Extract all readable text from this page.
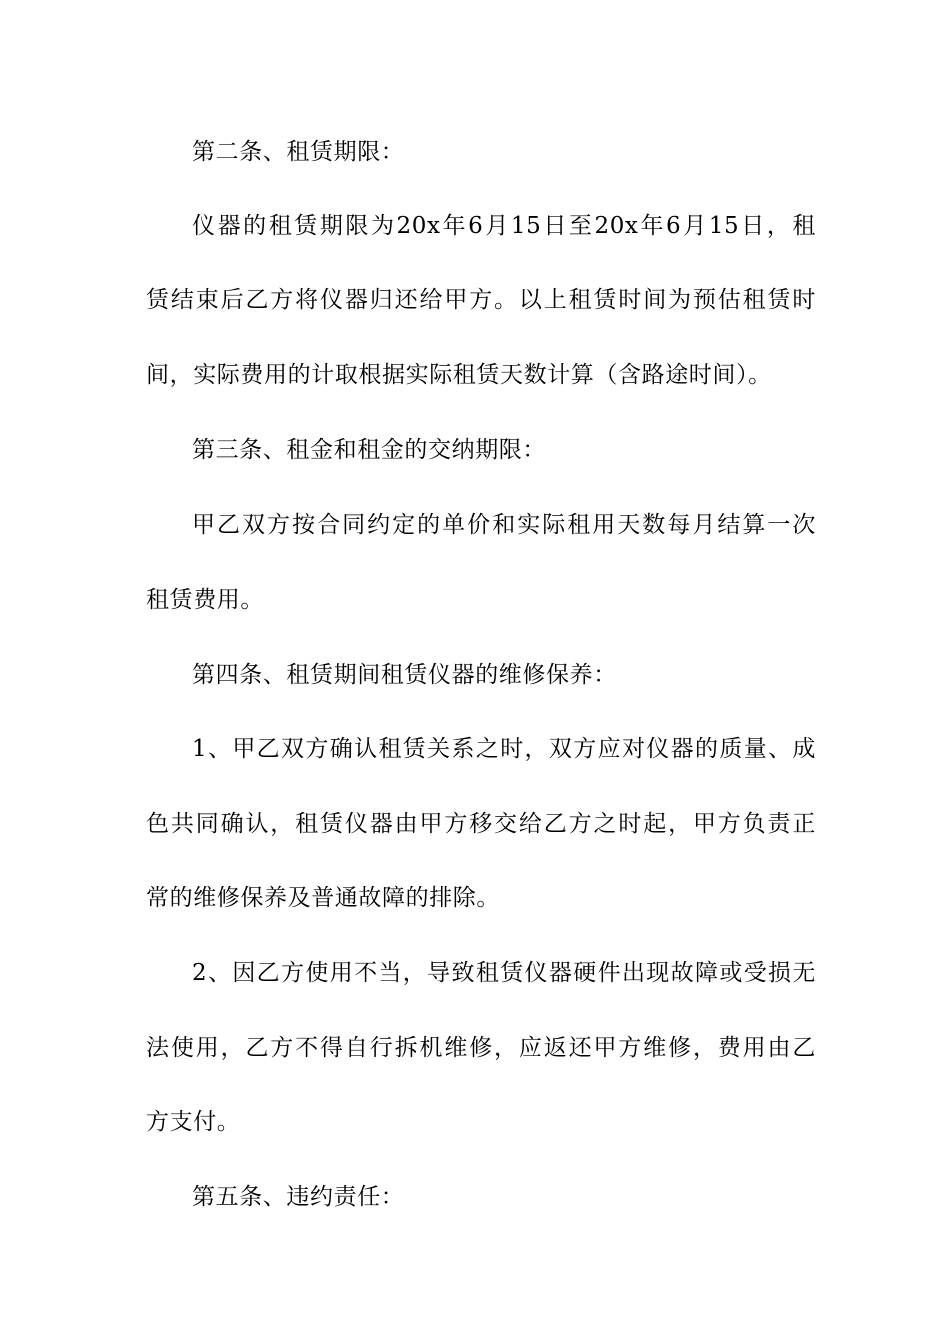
第二条、租赁期限：
仪器的租赁期限为20x年6月15日至20x年6月15日，租
赁结束后乙方将仪器归还给甲方。以上租赁时间为预估租赁时
间，实际费用的计取根据实际租赁天数计算（含路途时间）。
第三条、租金和租金的交纳期限：
甲乙双方按合同约定的单价和实际租用天数每月结算一次
租赁费用。
第四条、租赁期间租赁仪器的维修保养：
1、甲乙双方确认租赁关系之时，双方应对仪器的质量、成
色共同确认，租赁仪器由甲方移交给乙方之时起，甲方负责正
常的维修保养及普通故障的排除。
2、因乙方使用不当，导致租赁仪器硬件出现故障或受损无
法使用，乙方不得自行拆机维修，应返还甲方维修，费用由乙
方支付。
第五条、违约责任：
